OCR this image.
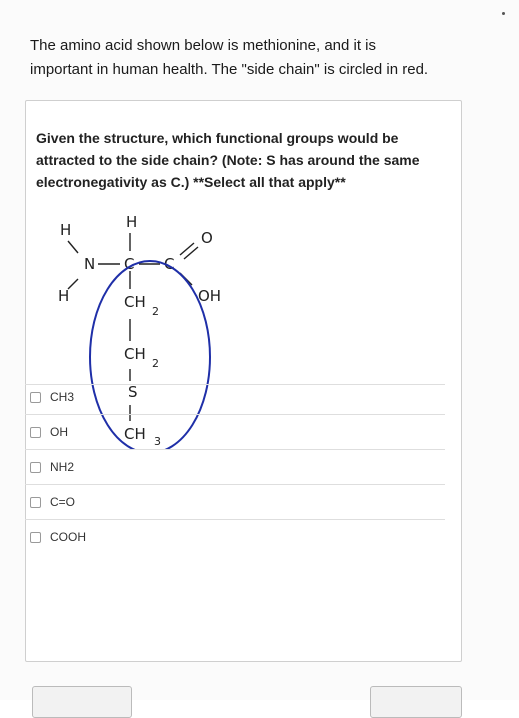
The amino acid shown below is methionine, and it is
important in human health. The "side chain" is circled in red.
Given the structure, which functional groups would be
attracted to the side chain? (Note: S has around the same
electronegativity as C.) **Select all that apply**
H	H
O
N C C
H	OH
CH
2
CH
2
S
CH 3
CH3
OH
NH2
C=O
COOH
